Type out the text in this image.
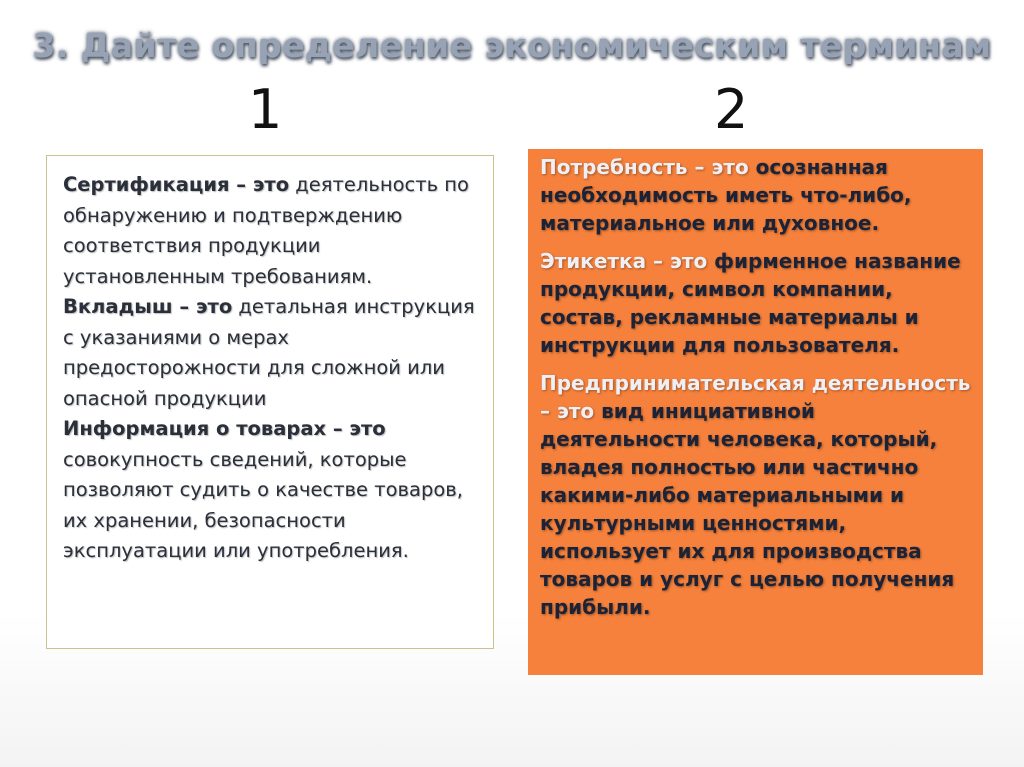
3. Дайте определение экономическим терминам
1	2

Сертификация – это деятельность по обнаружению и подтверждению соответствия продукции установленным требованиям.

Вкладыш – это детальная инструкция с указаниями о мерах предосторожности для сложной или опасной продукции

Информация о товарах – это совокупность сведений, которые позволяют судить о качестве товаров, их хранении, безопасности эксплуатации или употребления.

Потребность – это осознанная необходимость иметь что-либо, материальное или духовное.

Этикетка – это фирменное название продукции, символ компании, состав, рекламные материалы и инструкции для пользователя.

Предпринимательская деятельность – это вид инициативной деятельности человека, который, владея полностью или частично какими-либо материальными и культурными ценностями, использует их для производства товаров и услуг с целью получения прибыли.
